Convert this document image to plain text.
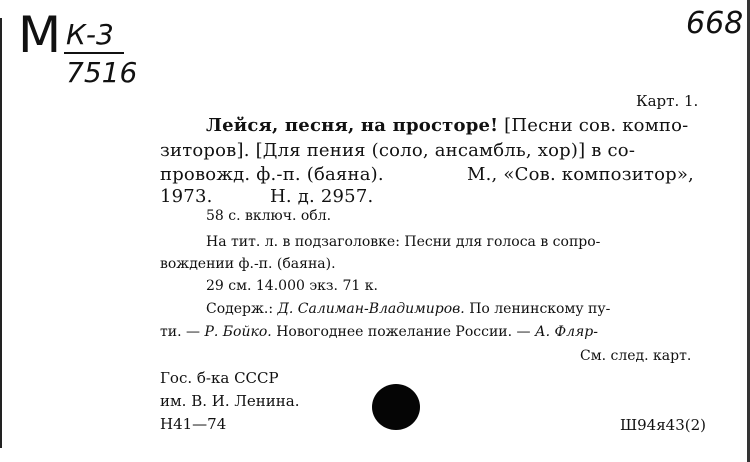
М К-3
7516
668
Карт. 1.
Лейся, песня, на просторе! [Песни сов. компо-
зиторов]. [Для пения (соло, ансамбль, хор)] в со-
провожд. ф.-п. (баяна).	М., «Сов. композитор»,
1973.	Н. д. 2957.
58 с. включ. обл.
На тит. л. в подзаголовке: Песни для голоса в сопро-
вождении ф.-п. (баяна).
29 см. 14.000 экз. 71 к.
Содерж.: Д. Салиман-Владимиров. По ленинскому пу-
ти. — Р. Бойко. Новогоднее пожелание России. — А. Фляр-
См. след. карт.
Гос. б-ка СССР
им. В. И. Ленина.
Н41—74	Ш94я43(2)
